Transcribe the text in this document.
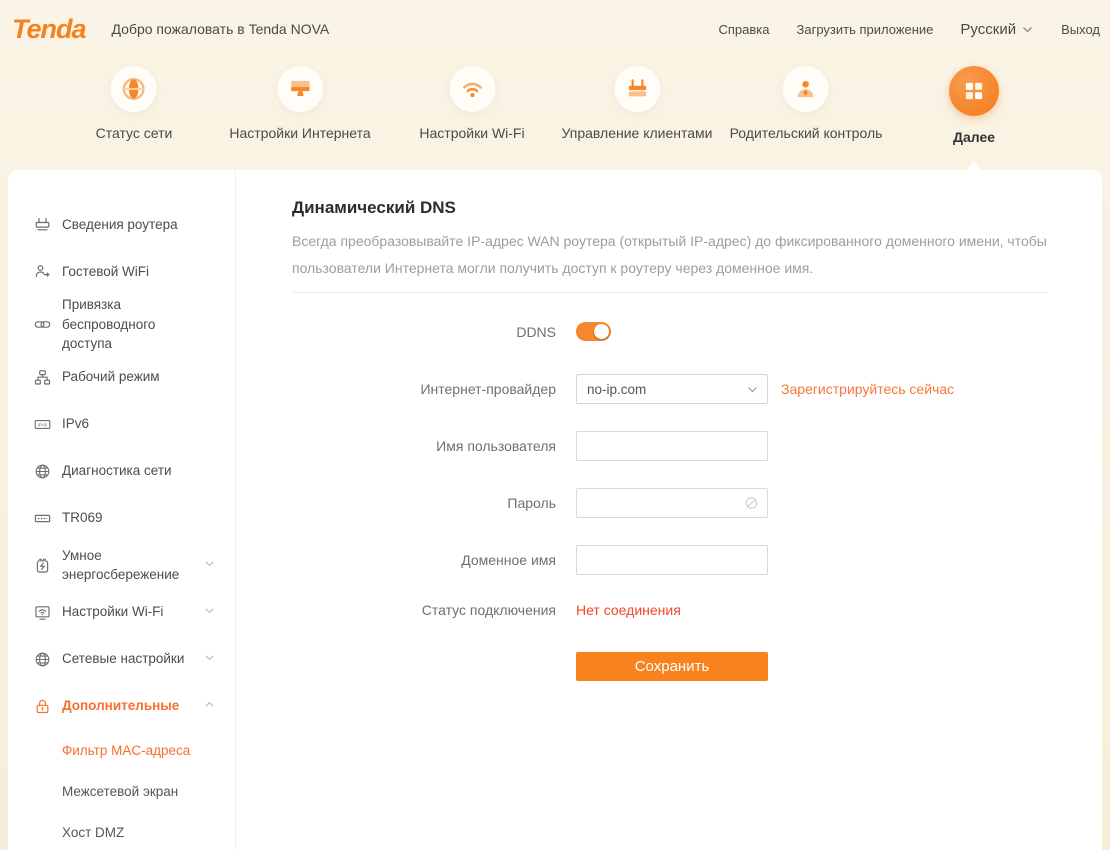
Tenda Добро пожаловать в Tenda NOVA	Справка Загрузить приложение Русский	Выход
Статус сети	Настройки Интернета	Настройки Wi-Fi	Управление клиентами Родительский контроль	Далее
Сведения роутера
Гостевой WiFi
Привязка беспроводного доступа
Рабочий режим
IPV6 IPv6
Диагностика сети
TR069
Умное энергосбережение
Настройки Wi-Fi
Сетевые настройки
Дополнительные
Фильтр MAC-адреса
Межсетевой экран
Хост DMZ
Динамический DNS
Всегда преобразовывайте IP-адрес WAN роутера (открытый IP-адрес) до фиксированного доменного имени, чтобы пользователи Интернета могли получить доступ к роутеру через доменное имя.
DDNS
Интернет-провайдер no-ip.com	Зарегистрируйтесь сейчас
Имя пользователя
Пароль
Доменное имя
Статус подключения Нет соединения
Сохранить
